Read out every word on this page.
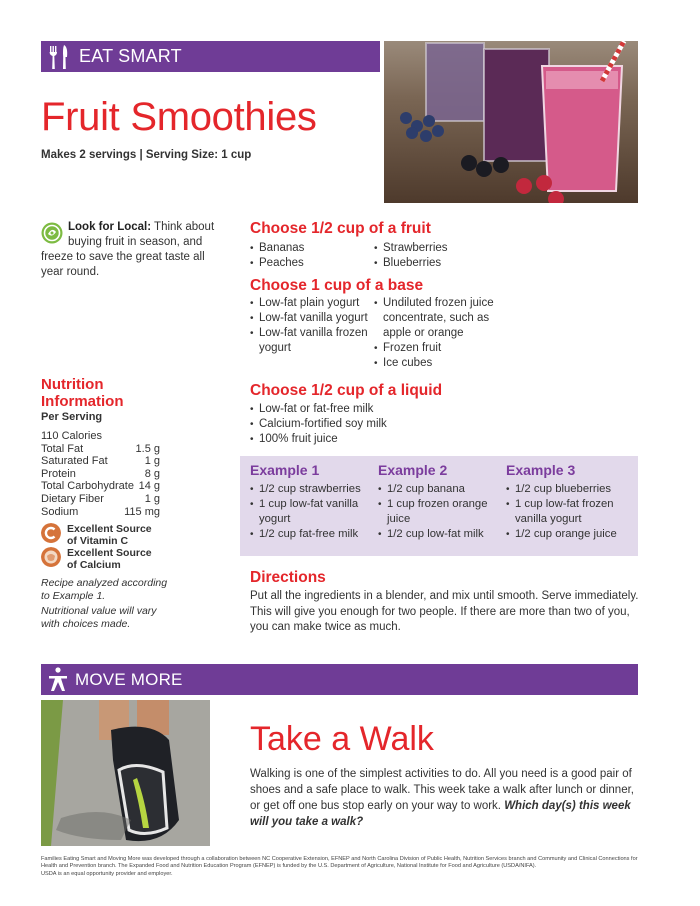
EAT SMART
Fruit Smoothies
Makes 2 servings | Serving Size: 1 cup
Look for Local: Think about buying fruit in season, and freeze to save the great taste all year round.
Choose 1/2 cup of a fruit
• Bananas
• Peaches
• Strawberries
• Blueberries
Choose 1 cup of a base
• Low-fat plain yogurt
• Low-fat vanilla yogurt
• Low-fat vanilla frozen yogurt
• Undiluted frozen juice concentrate, such as apple or orange
• Frozen fruit
• Ice cubes
Choose 1/2 cup of a liquid
• Low-fat or fat-free milk
• Calcium-fortified soy milk
• 100% fruit juice
Nutrition Information
Per Serving
110 Calories
Total Fat	1.5 g
Saturated Fat	1 g
Protein	8 g
Total Carbohydrate 14 g
Dietary Fiber	1 g
Sodium	115 mg
Excellent Source of Vitamin C
Excellent Source of Calcium
Recipe analyzed according to Example 1.
Nutritional value will vary with choices made.
Example 1
• 1/2 cup strawberries
• 1 cup low-fat vanilla yogurt
• 1/2 cup fat-free milk
Example 2
• 1/2 cup banana
• 1 cup frozen orange juice
• 1/2 cup low-fat milk
Example 3
• 1/2 cup blueberries
• 1 cup low-fat frozen vanilla yogurt
• 1/2 cup orange juice
Directions
Put all the ingredients in a blender, and mix until smooth. Serve immediately. This will give you enough for two people. If there are more than two of you, you can make twice as much.
MOVE MORE
Take a Walk
Walking is one of the simplest activities to do. All you need is a good pair of shoes and a safe place to walk. This week take a walk after lunch or dinner, or get off one bus stop early on your way to work. Which day(s) this week will you take a walk?
Families Eating Smart and Moving More was developed through a collaboration between NC Cooperative Extension, EFNEP and North Carolina Division of Public Health, Nutrition Services branch and Community and Clinical Connections for Health and Prevention branch. The Expanded Food and Nutrition Education Program (EFNEP) is funded by the U.S. Department of Agriculture, National Institute for Food and Agriculture (USDA/NIFA).
USDA is an equal opportunity provider and employer.
